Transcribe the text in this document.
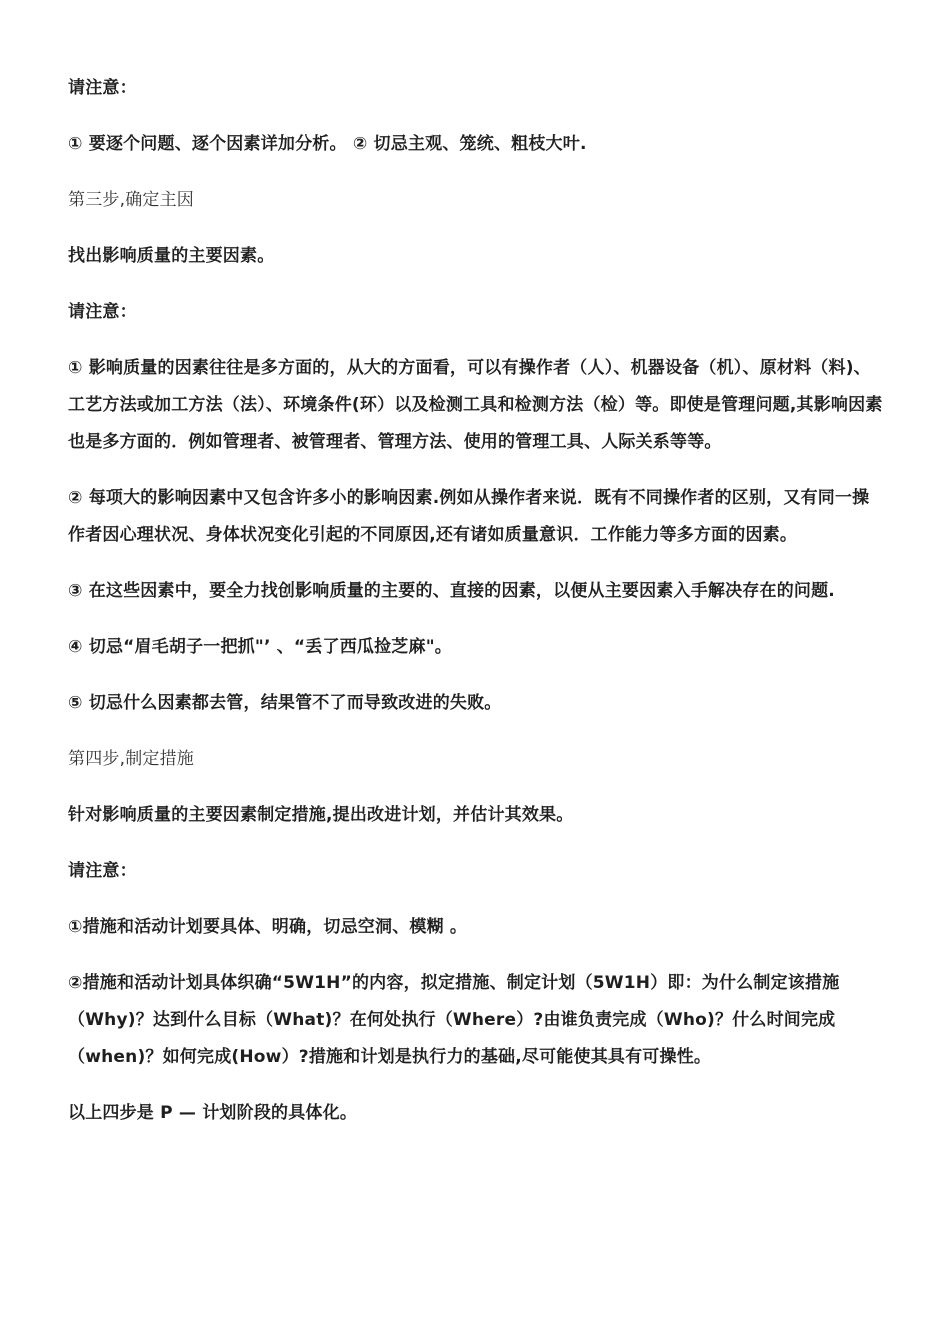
请注意：

① 要逐个问题、逐个因素详加分析。 ② 切忌主观、笼统、粗枝大叶.

第三步,确定主因

找出影响质量的主要因素。

请注意：

① 影响质量的因素往往是多方面的，从大的方面看，可以有操作者（人）、机器设备（机）、原材料（料)、工艺方法或加工方法（法）、环境条件(环）以及检测工具和检测方法（检）等。即使是管理问题,其影响因素也是多方面的．例如管理者、被管理者、管理方法、使用的管理工具、人际关系等等。

② 每项大的影响因素中又包含许多小的影响因素.例如从操作者来说．既有不同操作者的区别，又有同一操作者因心理状况、身体状况变化引起的不同原因,还有诸如质量意识．工作能力等多方面的因素。

③ 在这些因素中，要全力找创影响质量的主要的、直接的因素，以便从主要因素入手解决存在的问题.

④ 切忌“眉毛胡子一把抓"’ 、“丢了西瓜捡芝麻"。

⑤ 切忌什么因素都去管，结果管不了而导致改进的失败。

第四步,制定措施

针对影响质量的主要因素制定措施,提出改进计划，并估计其效果。

请注意：

①措施和活动计划要具体、明确，切忌空洞、模糊 。

②措施和活动计划具体织确“5W1H”的内容，拟定措施、制定计划（5W1H）即：为什么制定该措施（Why)？达到什么目标（What)？在何处执行（Where）?由谁负责完成（Who)？什么时间完成（when)？如何完成(How）?措施和计划是执行力的基础,尽可能使其具有可操性。

以上四步是 P — 计划阶段的具体化。
